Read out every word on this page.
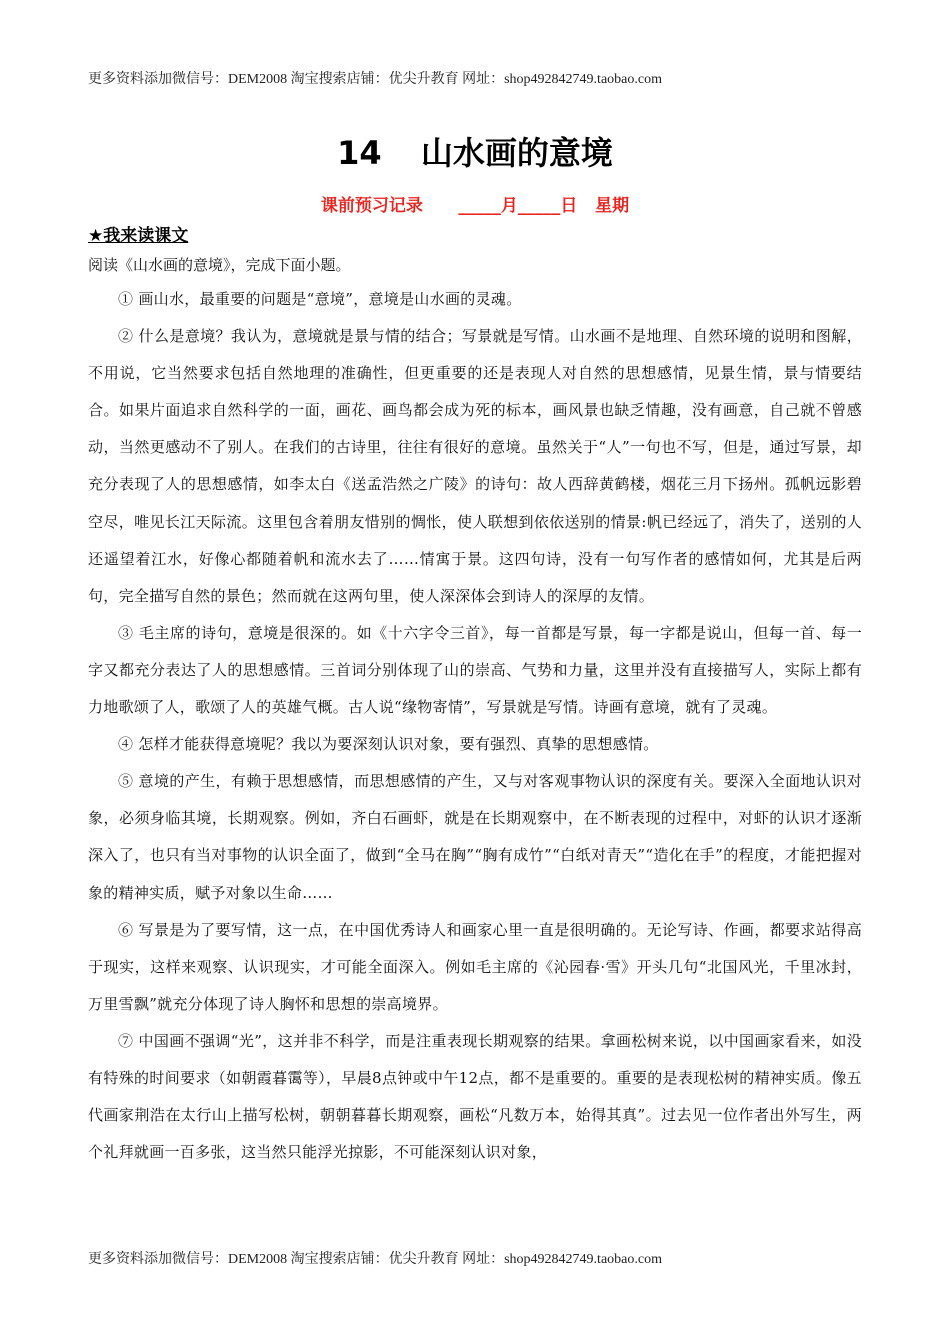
更多资料添加微信号：DEM2008 淘宝搜索店铺：优尖升教育 网址：shop492842749.taobao.com
14 山水画的意境
课前预习记录      _____月_____日   星期
★我来读课文
阅读《山水画的意境》，完成下面小题。

① 画山水，最重要的问题是“意境”，意境是山水画的灵魂。

② 什么是意境？我认为，意境就是景与情的结合；写景就是写情。山水画不是地理、自然环境的说明和图解，不用说，它当然要求包括自然地理的准确性，但更重要的还是表现人对自然的思想感情，见景生情，景与情要结合。如果片面追求自然科学的一面，画花、画鸟都会成为死的标本，画风景也缺乏情趣，没有画意，自己就不曾感动，当然更感动不了别人。在我们的古诗里，往往有很好的意境。虽然关于“人”一句也不写，但是，通过写景，却充分表现了人的思想感情，如李太白《送孟浩然之广陵》的诗句：故人西辞黄鹤楼，烟花三月下扬州。孤帆远影碧空尽，唯见长江天际流。这里包含着朋友惜别的惆怅，使人联想到依依送别的情景:帆已经远了，消失了，送别的人还遥望着江水，好像心都随着帆和流水去了……情寓于景。这四句诗，没有一句写作者的感情如何，尤其是后两句，完全描写自然的景色；然而就在这两句里，使人深深体会到诗人的深厚的友情。

③ 毛主席的诗句，意境是很深的。如《十六字令三首》，每一首都是写景，每一字都是说山，但每一首、每一字又都充分表达了人的思想感情。三首词分别体现了山的崇高、气势和力量，这里并没有直接描写人，实际上都有力地歌颂了人，歌颂了人的英雄气概。古人说“缘物寄情”，写景就是写情。诗画有意境，就有了灵魂。

④ 怎样才能获得意境呢？我以为要深刻认识对象，要有强烈、真挚的思想感情。

⑤ 意境的产生，有赖于思想感情，而思想感情的产生，又与对客观事物认识的深度有关。要深入全面地认识对象，必须身临其境，长期观察。例如，齐白石画虾，就是在长期观察中，在不断表现的过程中，对虾的认识才逐渐深入了，也只有当对事物的认识全面了，做到“全马在胸”“胸有成竹”“白纸对青天”“造化在手”的程度，才能把握对象的精神实质，赋予对象以生命……

⑥ 写景是为了要写情，这一点，在中国优秀诗人和画家心里一直是很明确的。无论写诗、作画，都要求站得高于现实，这样来观察、认识现实，才可能全面深入。例如毛主席的《沁园春·雪》开头几句“北国风光，千里冰封，万里雪飘”就充分体现了诗人胸怀和思想的崇高境界。

⑦ 中国画不强调“光”，这并非不科学，而是注重表现长期观察的结果。拿画松树来说，以中国画家看来，如没有特殊的时间要求（如朝霞暮霭等），早晨8点钟或中午12点，都不是重要的。重要的是表现松树的精神实质。像五代画家荆浩在太行山上描写松树，朝朝暮暮长期观察，画松“凡数万本，始得其真”。过去见一位作者出外写生，两个礼拜就画一百多张，这当然只能浮光掠影，不可能深刻认识对象，

更多资料添加微信号：DEM2008 淘宝搜索店铺：优尖升教育 网址：shop492842749.taobao.com
